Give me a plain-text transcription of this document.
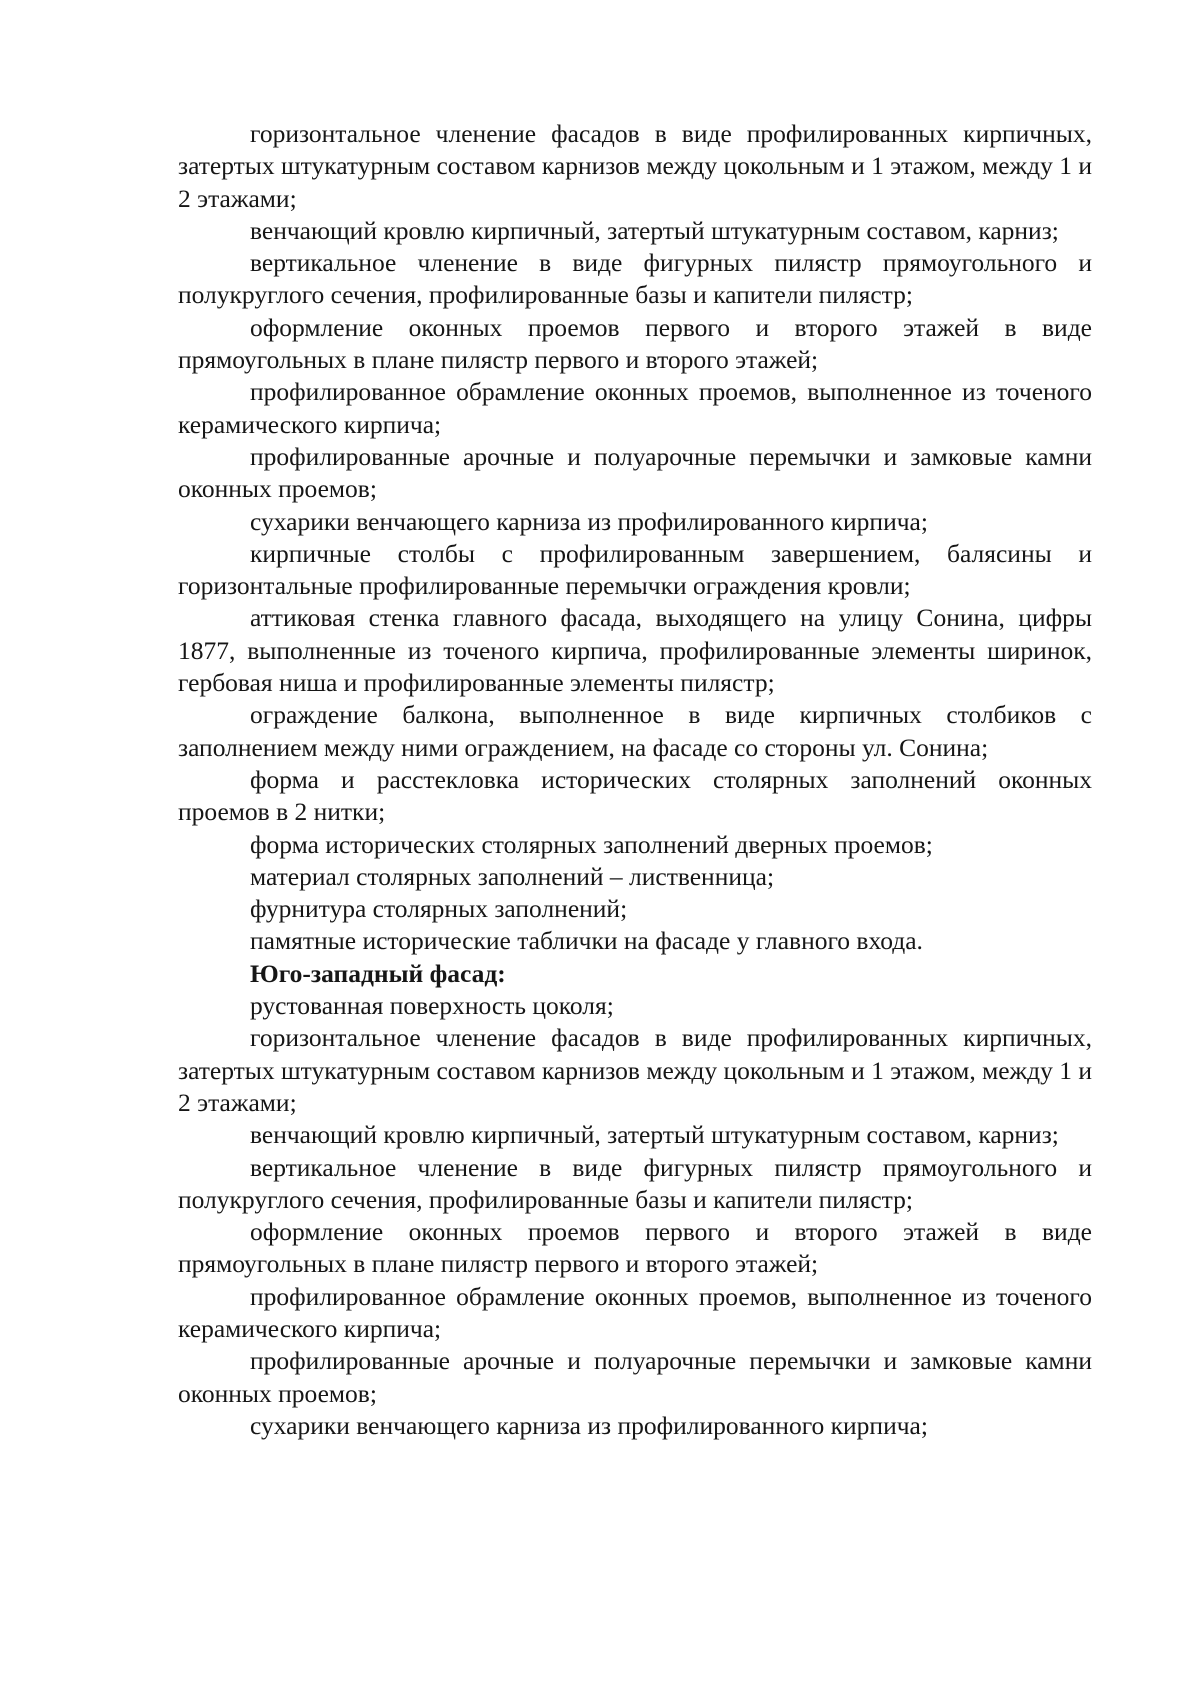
горизонтальное членение фасадов в виде профилированных кирпичных, затертых штукатурным составом карнизов между цокольным и 1 этажом, между 1 и 2 этажами;

венчающий кровлю кирпичный, затертый штукатурным составом, карниз;

вертикальное членение в виде фигурных пилястр прямоугольного и полукруглого сечения, профилированные базы и капители пилястр;

оформление оконных проемов первого и второго этажей в виде прямоугольных в плане пилястр первого и второго этажей;

профилированное обрамление оконных проемов, выполненное из точеного керамического кирпича;

профилированные арочные и полуарочные перемычки и замковые камни оконных проемов;

сухарики венчающего карниза из профилированного кирпича;

кирпичные столбы с профилированным завершением, балясины и горизонтальные профилированные перемычки ограждения кровли;

аттиковая стенка главного фасада, выходящего на улицу Сонина, цифры 1877, выполненные из точеного кирпича, профилированные элементы ширинок, гербовая ниша и профилированные элементы пилястр;

ограждение балкона, выполненное в виде кирпичных столбиков с заполнением между ними ограждением, на фасаде со стороны ул. Сонина;

форма и расстекловка исторических столярных заполнений оконных проемов в 2 нитки;

форма исторических столярных заполнений дверных проемов;

материал столярных заполнений – лиственница;

фурнитура столярных заполнений;

памятные исторические таблички на фасаде у главного входа.

Юго-западный фасад:

рустованная поверхность цоколя;

горизонтальное членение фасадов в виде профилированных кирпичных, затертых штукатурным составом карнизов между цокольным и 1 этажом, между 1 и 2 этажами;

венчающий кровлю кирпичный, затертый штукатурным составом, карниз;

вертикальное членение в виде фигурных пилястр прямоугольного и полукруглого сечения, профилированные базы и капители пилястр;

оформление оконных проемов первого и второго этажей в виде прямоугольных в плане пилястр первого и второго этажей;

профилированное обрамление оконных проемов, выполненное из точеного керамического кирпича;

профилированные арочные и полуарочные перемычки и замковые камни оконных проемов;

сухарики венчающего карниза из профилированного кирпича;
